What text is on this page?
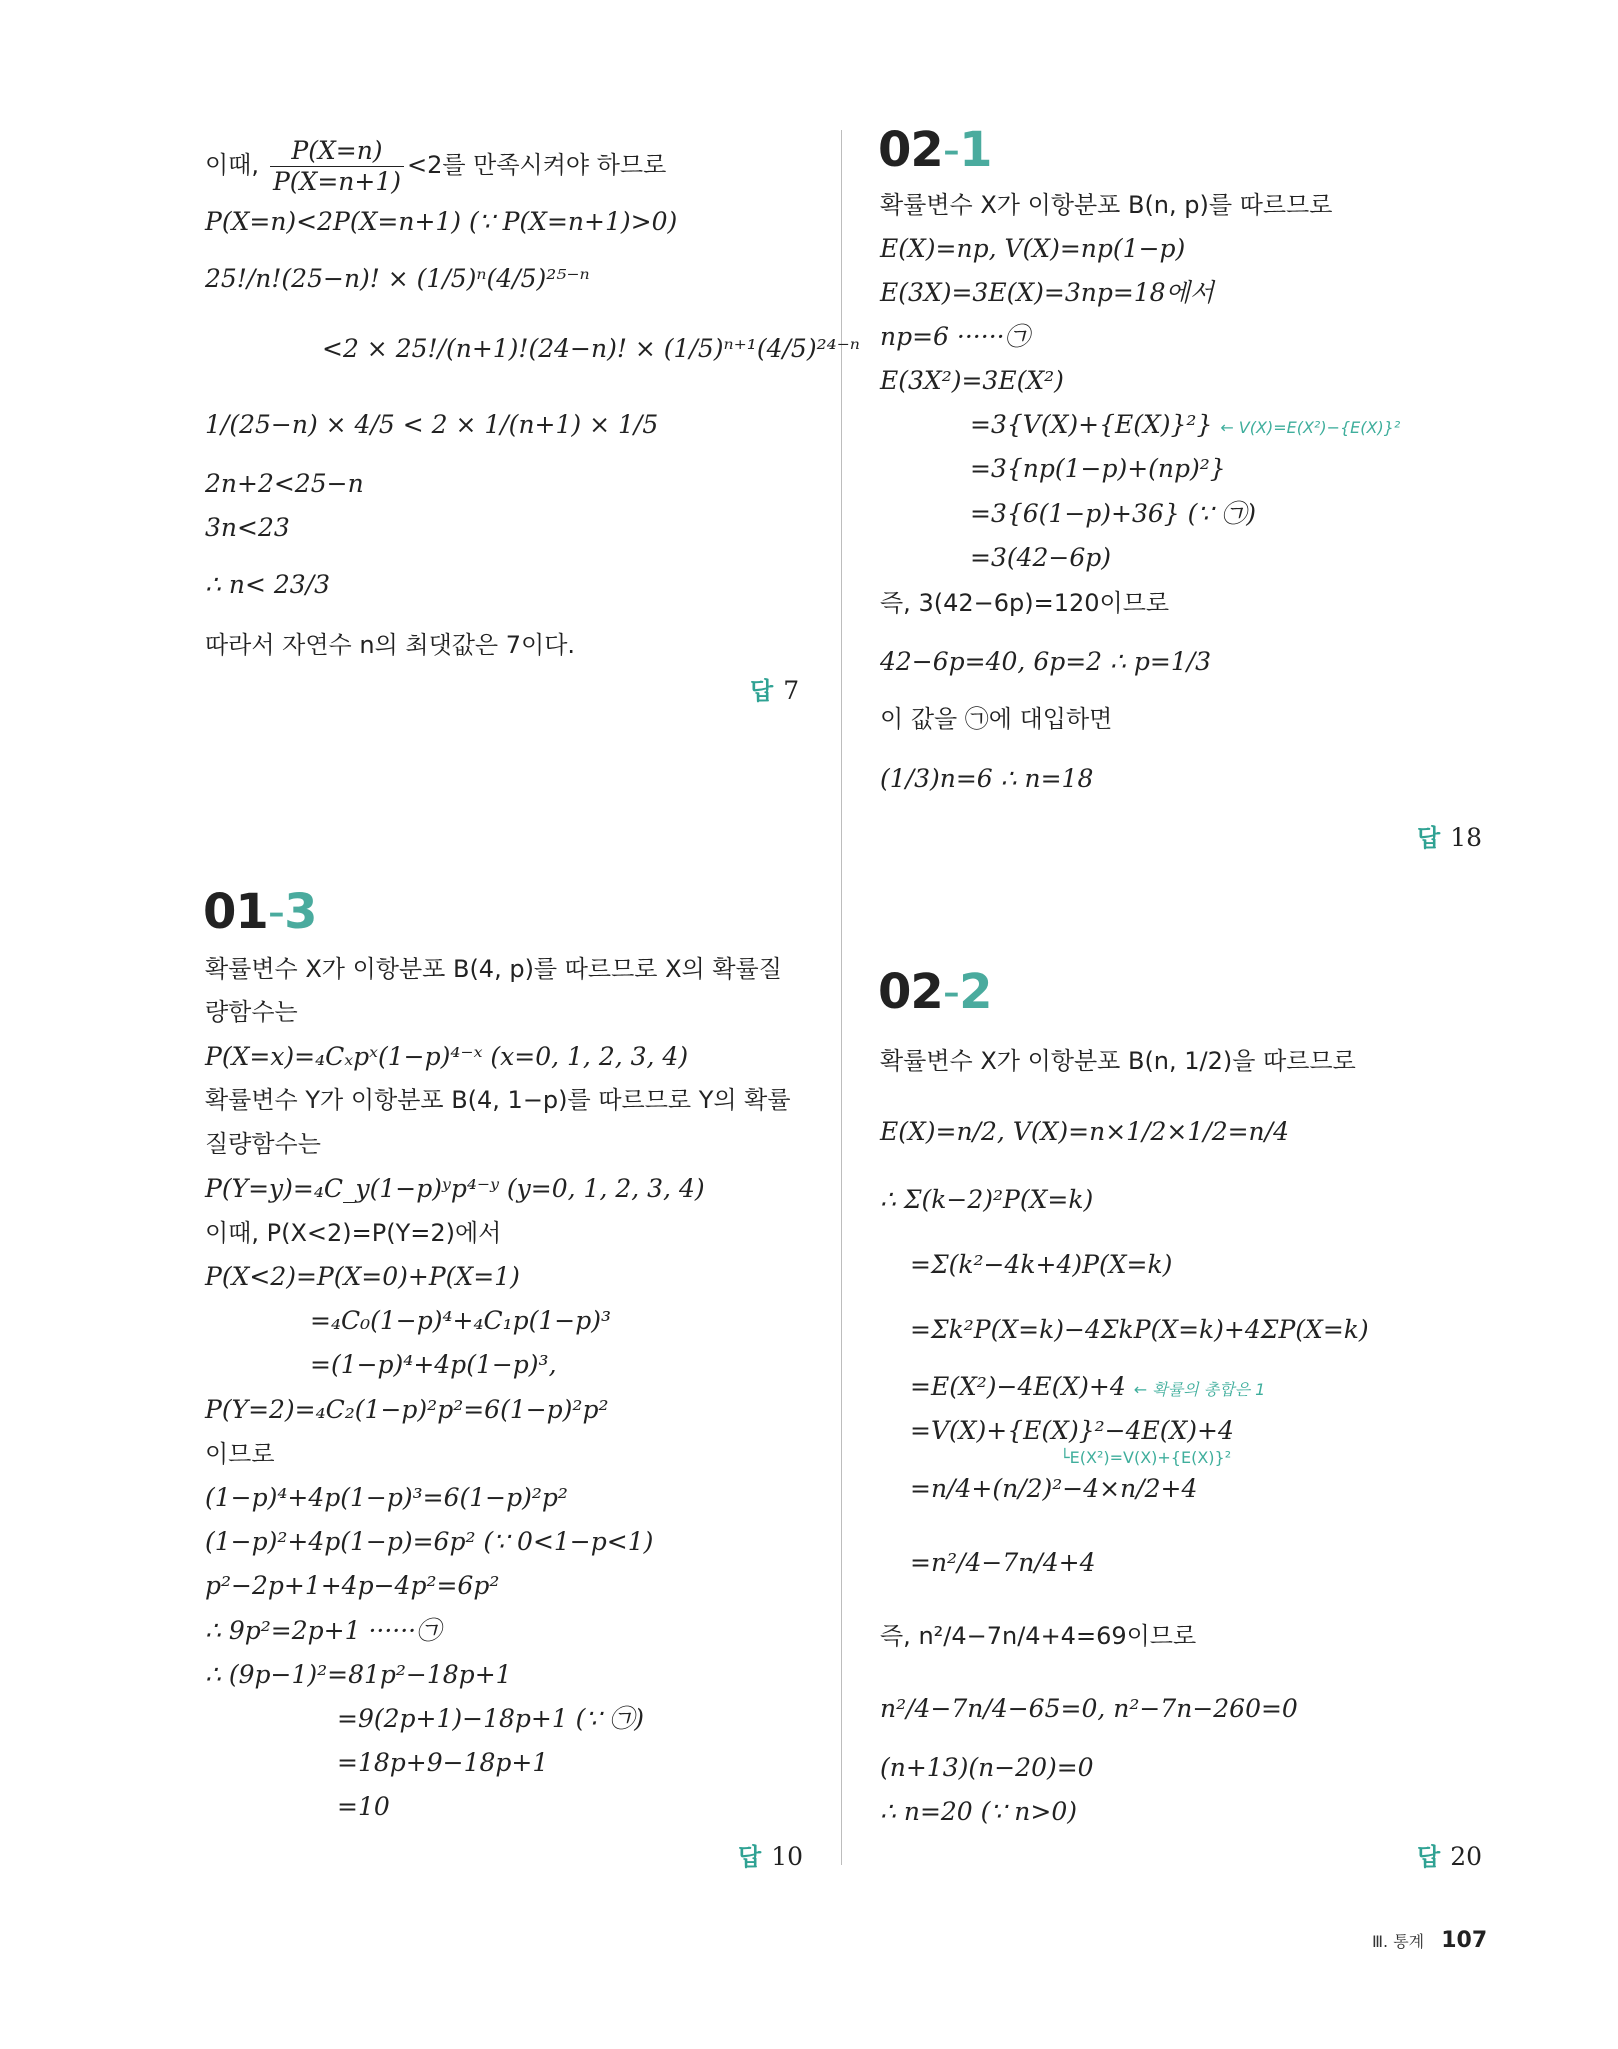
이때, $\frac{P(X=n)}{P(X=n+1)} <2$를 만족시켜야 하므로
P(X=n)<2P(X=n+1) (∵ P(X=n+1)>0)
25!/n!(25−n)! × (1/5)ⁿ(4/5)²⁵⁻ⁿ
<2 × 25!/(n+1)!(24−n)! × (1/5)ⁿ⁺¹(4/5)²⁴⁻ⁿ
1/(25−n) × 4/5 < 2 × 1/(n+1) × 1/5
2n+2<25−n
3n<23
∴ n< 23/3
따라서 자연수 n의 최댓값은 7이다.
답 7
01-3
확률변수 X가 이항분포 B(4, p)를 따르므로 X의 확률질
량함수는
P(X=x)=₄Cₓpˣ(1−p)⁴⁻ˣ (x=0, 1, 2, 3, 4)
확률변수 Y가 이항분포 B(4, 1−p)를 따르므로 Y의 확률
질량함수는
P(Y=y)=₄C_y(1−p)ʸp⁴⁻ʸ (y=0, 1, 2, 3, 4)
이때, P(X<2)=P(Y=2)에서
P(X<2)=P(X=0)+P(X=1)
=₄C₀(1−p)⁴+₄C₁p(1−p)³
=(1−p)⁴+4p(1−p)³,
P(Y=2)=₄C₂(1−p)²p²=6(1−p)²p²
이므로
(1−p)⁴+4p(1−p)³=6(1−p)²p²
(1−p)²+4p(1−p)=6p² (∵ 0<1−p<1)
p²−2p+1+4p−4p²=6p²
∴ 9p²=2p+1 ······㉠
∴ (9p−1)²=81p²−18p+1
=9(2p+1)−18p+1 (∵ ㉠)
=18p+9−18p+1
=10
답 10
02-1
확률변수 X가 이항분포 B(n, p)를 따르므로
E(X)=np, V(X)=np(1−p)
E(3X)=3E(X)=3np=18에서
np=6 ······㉠
E(3X²)=3E(X²)
=3{V(X)+{E(X)}²} ← V(X)=E(X²)−{E(X)}²
=3{np(1−p)+(np)²}
=3{6(1−p)+36} (∵ ㉠)
=3(42−6p)
즉, 3(42−6p)=120이므로
42−6p=40, 6p=2 ∴ p=1/3
이 값을 ㉠에 대입하면
(1/3)n=6 ∴ n=18
답 18
02-2
확률변수 X가 이항분포 B(n, 1/2)을 따르므로
E(X)=n/2, V(X)=n×1/2×1/2=n/4
∴ Σ(k−2)²P(X=k)
=Σ(k²−4k+4)P(X=k)
=Σk²P(X=k)−4ΣkP(X=k)+4ΣP(X=k)
=E(X²)−4E(X)+4 ← 확률의 총합은 1
=V(X)+{E(X)}²−4E(X)+4
└E(X²)=V(X)+{E(X)}²
=n/4+(n/2)²−4×n/2+4
=n²/4−7n/4+4
즉, n²/4−7n/4+4=69이므로
n²/4−7n/4−65=0, n²−7n−260=0
(n+13)(n−20)=0
∴ n=20 (∵ n>0)
답 20
Ⅲ. 통계 107
